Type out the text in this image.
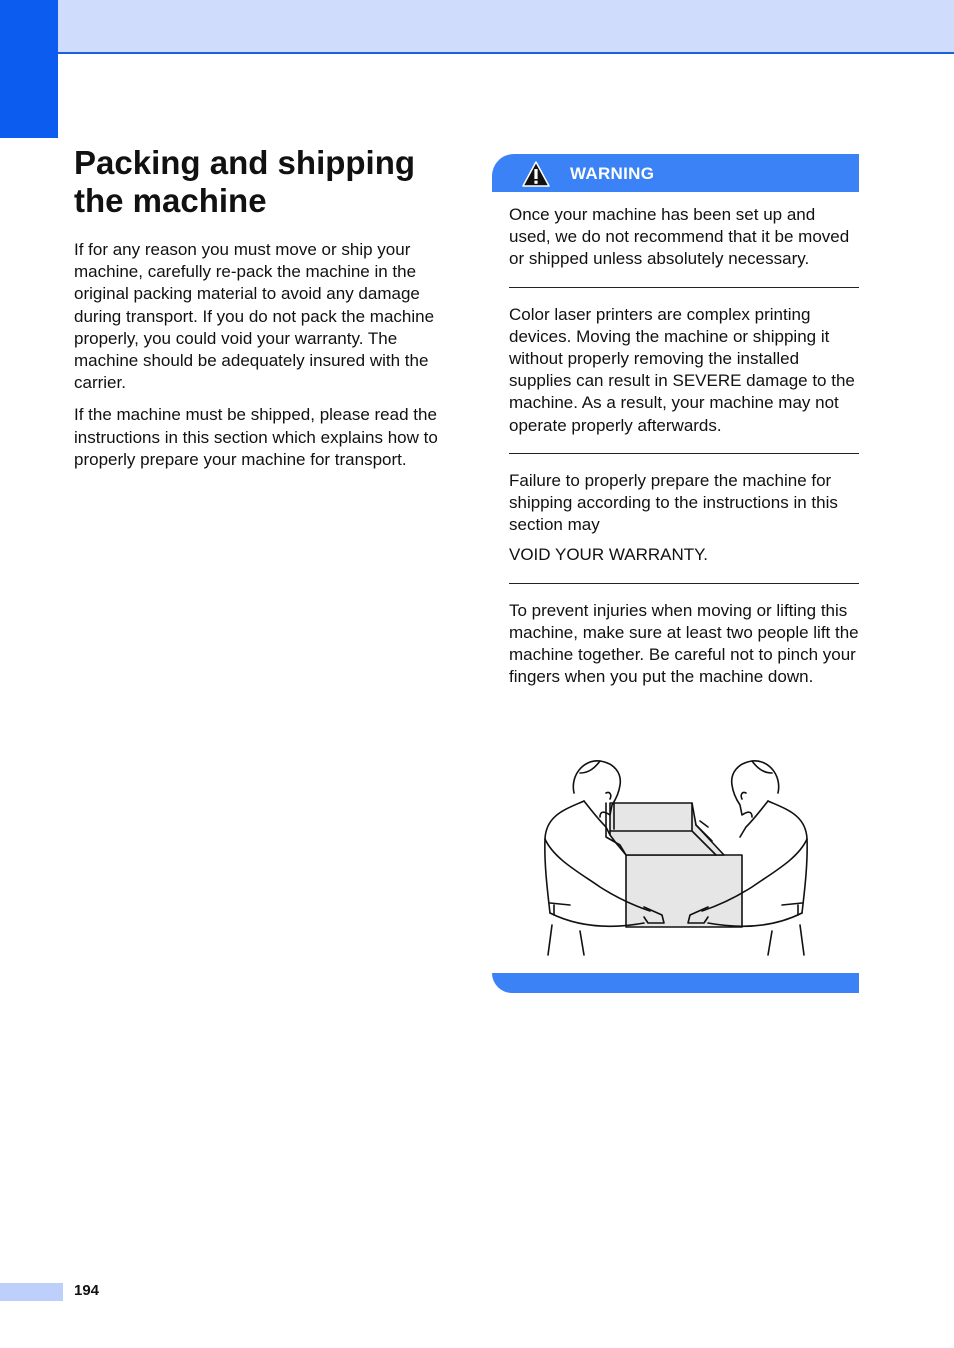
Packing and shipping the machine

If for any reason you must move or ship your machine, carefully re-pack the machine in the original packing material to avoid any damage during transport. If you do not pack the machine properly, you could void your warranty. The machine should be adequately insured with the carrier.

If the machine must be shipped, please read the instructions in this section which explains how to properly prepare your machine for transport.

WARNING

Once your machine has been set up and used, we do not recommend that it be moved or shipped unless absolutely necessary.

Color laser printers are complex printing devices. Moving the machine or shipping it without properly removing the installed supplies can result in SEVERE damage to the machine. As a result, your machine may not operate properly afterwards.

Failure to properly prepare the machine for shipping according to the instructions in this section may

VOID YOUR WARRANTY.

To prevent injuries when moving or lifting this machine, make sure at least two people lift the machine together. Be careful not to pinch your fingers when you put the machine down.

194
